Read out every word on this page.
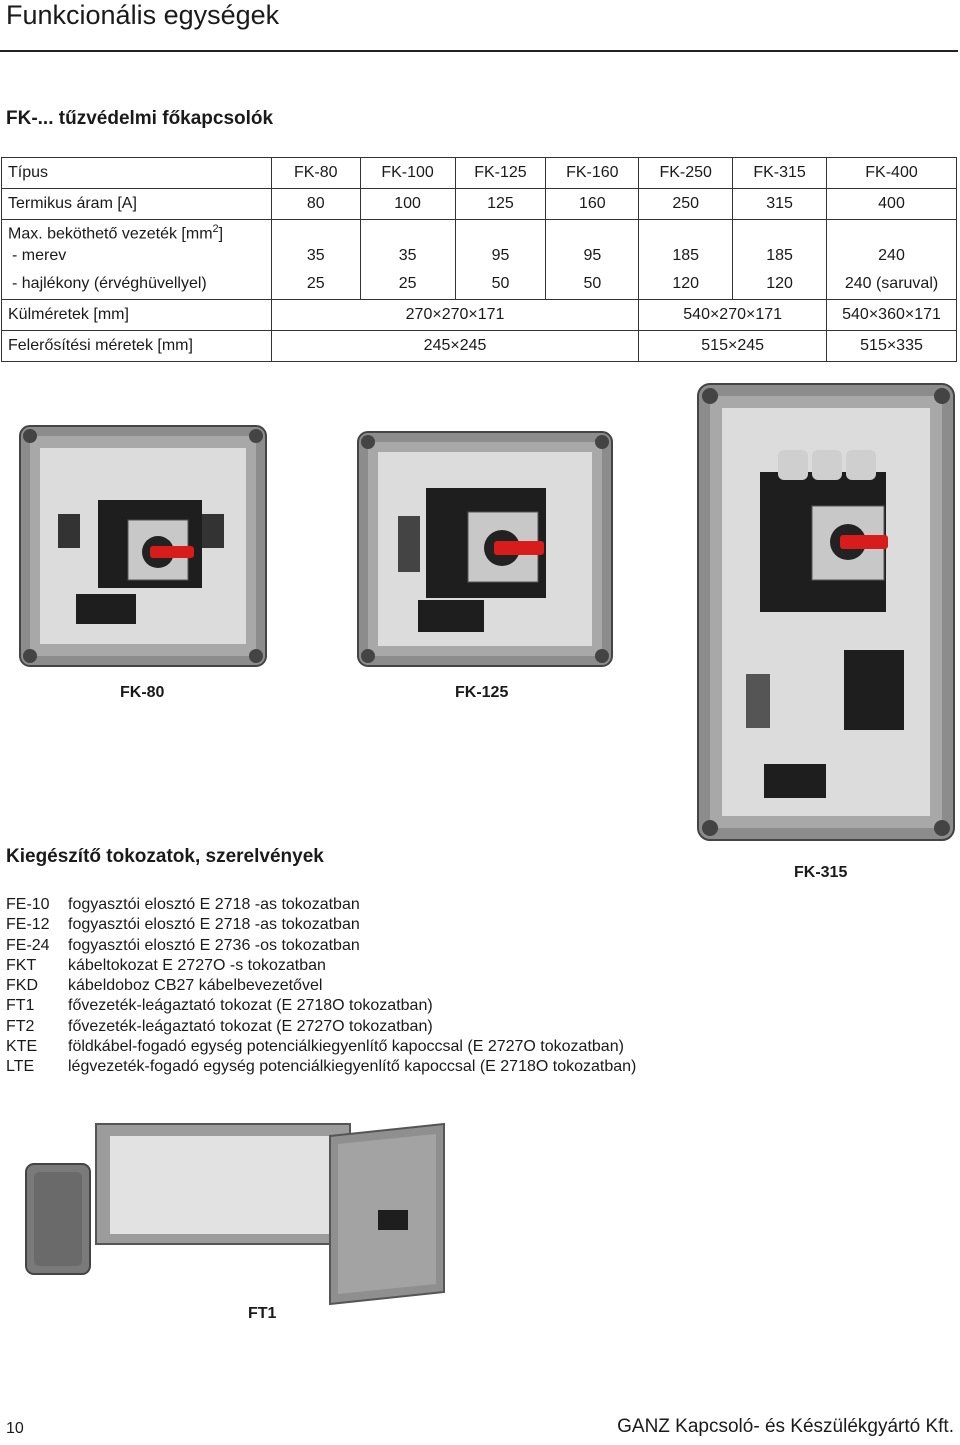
Funkcionális egységek
FK-... tűzvédelmi főkapcsolók
Típus	FK-80	FK-100	FK-125	FK-160	FK-250	FK-315	FK-400
Termikus áram [A]	80	100	125	160	250	315	400
Max. beköthető vezeték $[mm^2]$							
- merev	35	35	95	95	185	185	240
- hajlékony (érvéghüvellyel)	25	25	50	50	120	120	240 (saruval)
Külméretek [mm]	270×270×171				540×270×171		540×360×171
Felerősítési méretek [mm]	245×245				515×245		515×335
FK-80	FK-125
FK-315
Kiegészítő tokozatok, szerelvények
FE-10	fogyasztói elosztó E 2718 -as tokozatban
FE-12	fogyasztói elosztó E 2718 -as tokozatban
FE-24	fogyasztói elosztó E 2736 -os tokozatban
FKT	kábeltokozat E 2727O -s tokozatban
FKD	kábeldoboz CB27 kábelbevezetővel
FT1	fővezeték-leágaztató tokozat (E 2718O tokozatban)
FT2	fővezeték-leágaztató tokozat (E 2727O tokozatban)
KTE	földkábel-fogadó egység potenciálkiegyenlítő kapoccsal (E 2727O tokozatban)
LTE	légvezeték-fogadó egység potenciálkiegyenlítő kapoccsal (E 2718O tokozatban)
FT1
10	GANZ Kapcsoló- és Készülékgyártó Kft.
